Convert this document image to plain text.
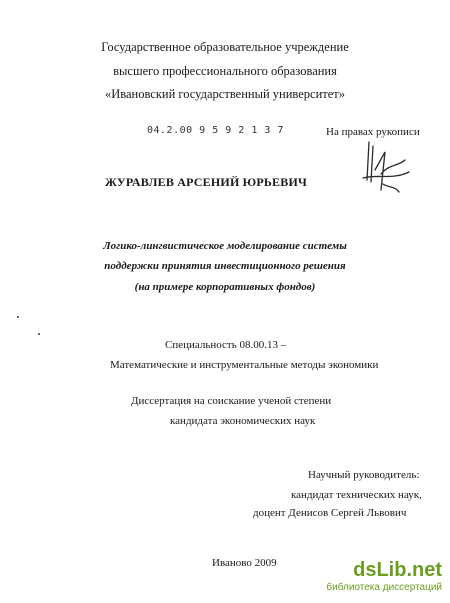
Государственное образовательное учреждение
высшего профессионального образования
«Ивановский государственный университет»
04.2.00 9 5 9 2 1 3 7	На правах рукописи
ЖУРАВЛЕВ АРСЕНИЙ ЮРЬЕВИЧ
Логико-лингвистическое моделирование системы
поддержки принятия инвестиционного решения
(на примере корпоративных фондов)
Специальность 08.00.13 –
Математические и инструментальные методы экономики
Диссертация на соискание ученой степени
кандидата экономических наук
Научный руководитель:
кандидат технических наук,
доцент Денисов Сергей Львович
Иваново 2009	dsLib.net
библиотека диссертаций
